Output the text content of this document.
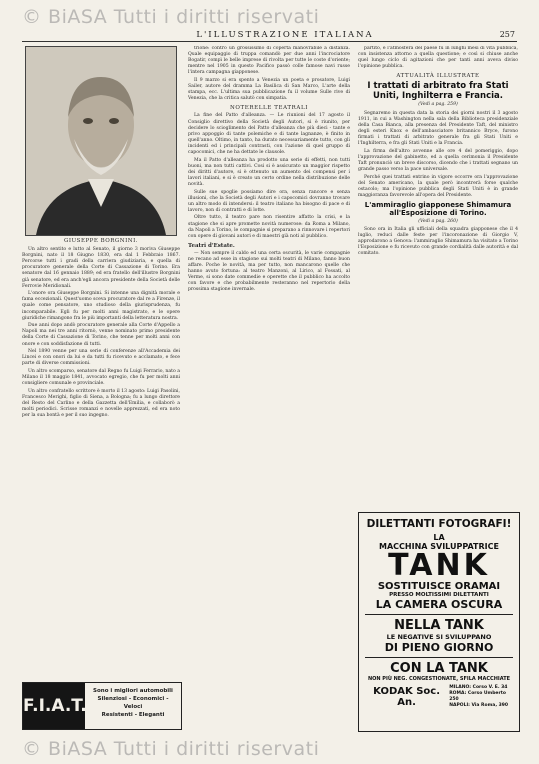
© BiASA Tutti i diritti riservati
L'ILLUSTRAZIONE ITALIANA	257
GIUSEPPE BORGNINI.

Un altro sentito e lutto al Senato, il giorno 3 moriva Giuseppe Borgnini, nato il 18 Giugno 1830, era dal 1 Febbraio 1867. Percorse tutti i gradi della carriera giudiziaria, e quella di procuratore generale della Corte di Cassazione di Torino. Era senatore dal 16 gennaio 1889; ed era fratello dell'illustre Borgnini già senatore, ed era anch'egli ancora presidente della Società delle Ferrovie Meridionali.

L'onore ora Giuseppe Borgnini. Si intenne una dignità morale e fama eccezionali. Quest'uomo sceva procuratore dal re a Firenze, il quale come pensatore, uno studioso della giurisprudenza, fu incomparabile. Egli fu per molti anni magistrato, e le opere giuridiche rimangono fra le più importanti della letteratura nostra.

Due anni dopo andò procuratore generale alla Corte d'Appello a Napoli ma nei tre anni ritornò, venne nominato primo presidente della Corte di Cassazione di Torino, che tenne per molti anni con onore e con soddisfazione di tutti.

Nel 1890 venne per una serie di conferenze all'Accademia dei Lincei e con onori da lui e da tutti fu ricevuto e acclamato, e fece parte di diverse commissioni.

Un altro scomparso, senatore dal Regno fu Luigi Ferrario, nato a Milano il 18 maggio 1841, avvocato egregio, che fu per molti anni consigliere comunale e provinciale.

Un altro confratello scrittore è morto il 13 agosto: Luigi Pasolini, Francesco Merighi, figlio di Siena, a Bologna; fu a lungo direttore del Resto del Carlino e della Gazzetta dell'Emilia, e collaborò a molti periodici. Scrisse romanzi e novelle apprezzati, ed era noto per la sua bontà e per il suo ingegno.

F.I.A.T.
Sono i migliori automobili
Silenziosi - Economici - Veloci
Resistenti - Eleganti

trione: contrò un grossissimo di coperta manovrabile a distanza. Quale equipaggio di truppa comandò per due anni l'incrociatore Bogatir, compì le belle imprese di rivolta per tutte le coste d'oriente; mentre nel 1905 in questo Pacifico passò colle famose navi russe l'intera campagna giapponese.

Il 9 marzo si era spento a Venezia un poeta e prosatore, Luigi Sailer, autore del dramma La Basilica di San Marco, L'arte della stampa, ecc. L'ultima sua pubblicazione fu il volume Sulle rive di Venezia, che la critica salutò con simpatia.

NOTERELLE TEATRALI

La fine del Patto d'alleanza. — Le riunioni del 17 agosto il Consiglio direttivo della Società degli Autori, si è riunito, per decidere lo scioglimento del Patto d'alleanza che più dieci - tante e privo appoggio di tante polemiche e di tante lagnanze, è finito in quell'anno. Oltimo, in tanto, ha durato necessariamente tutto, con gli incidenti ed i principali contrasti, con l'azione di quel gruppo di capocomici, che ne ha dettate le clausole.

Ma il Patto d'alleanza ha prodotto una serie di effetti, non tutti buoni, ma non tutti cattivi. Cosi si è assicurato un maggior rispetto dei diritti d'autore, si è ottenuto un aumento dei compensi per i lavori italiani, e si è creato un certo ordine nella distribuzione delle novità.

Sulle sue spoglie possiamo dire ora, senza rancore e senza illusioni, che la Società degli Autori e i capocomici dovranno trovare un altro modo di intendersi: il teatro italiano ha bisogno di pace e di lavoro, non di contratti e di lotte.

Oltre tutto, il teatro pare non risentire affatto la crisi, e la stagione che si apre promette novità numerose: da Roma a Milano, da Napoli a Torino, le compagnie si preparano a rinnovare i repertori con opere di giovani autori e di maestri già noti al pubblico.

Teatri d'Estate.

— Non sempre il caldo ed una certa oscurità, le varie compagnie ne recano ad esse in stagione sui molti teatri di Milano, fanno buon affare. Poche le novità, ma per tutto, non mancarono quelle che hanno avuto fortuna: al teatro Manzoni, al Lirico, al Fossati, al Verme, si sono date commedie e operette che il pubblico ha accolto con favore e che probabilmente resteranno nel repertorio della prossima stagione invernale.

partito, e l'atmosfera del paese fu in lunghi mesi di vita pubblica, con insistenza attorno a quella questione; e così si chiuse anche quel lungo ciclo di agitazioni che per tanti anni aveva diviso l'opinione pubblica.

ATTUALITÀ ILLUSTRATE
I trattati di arbitrato fra Stati Uniti, Inghilterra e Francia.
(Vedi a pag. 259)

Segnaremo in questa data la storia dei giorni nostri il 3 agosto 1911, in cui a Washington nella sala della Biblioteca presidenziale della Casa Bianca, alla presenza del Presidente Taft, del ministro degli esteri Knox e dell'ambasciatore britannico Bryce, furono firmati i trattati di arbitrato generale fra gli Stati Uniti e l'Inghilterra, e fra gli Stati Uniti e la Francia.

La firma dell'altro avvenne alle ore 4 del pomeriggio, dopo l'approvazione del gabinetto, ed a quella cerimonia il Presidente Taft pronunciò un breve discorso, dicendo che i trattati segnano un grande passo verso la pace universale.

Perché quei trattati entrino in vigore occorre ora l'approvazione del Senato americano, la quale però incontrerà forse qualche ostacolo; ma l'opinione pubblica degli Stati Uniti è in grande maggioranza favorevole all'opera del Presidente.

L'ammiraglio giapponese Shimamura all'Esposizione di Torino.
(Vedi a pag. 260)

Sono ora in Italia gli ufficiali della squadra giapponese che il 4 luglio, reduci dalle feste per l'incoronazione di Giorgio V, approdarono a Genova: l'ammiraglio Shimamura ha visitato a Torino l'Esposizione e fu ricevuto con grande cordialità dalle autorità e dal comitato.

DILETTANTI FOTOGRAFI!
LA
MACCHINA SVILUPPATRICE
TANK
SOSTITUISCE ORAMAI
PRESSO MOLTISSIMI DILETTANTI
LA CAMERA OSCURA
NELLA TANK
LE NEGATIVE SI SVILUPPANO
DI PIENO GIORNO
CON LA TANK
NON PIÙ NEG. CONGESTIONATE, SFILA MACCHIATE
KODAK Soc. An.
MILANO: Corso V. E. 34
ROMA: Corso Umberto 250
NAPOLI: Via Roma, 390
© BiASA Tutti i diritti riservati
